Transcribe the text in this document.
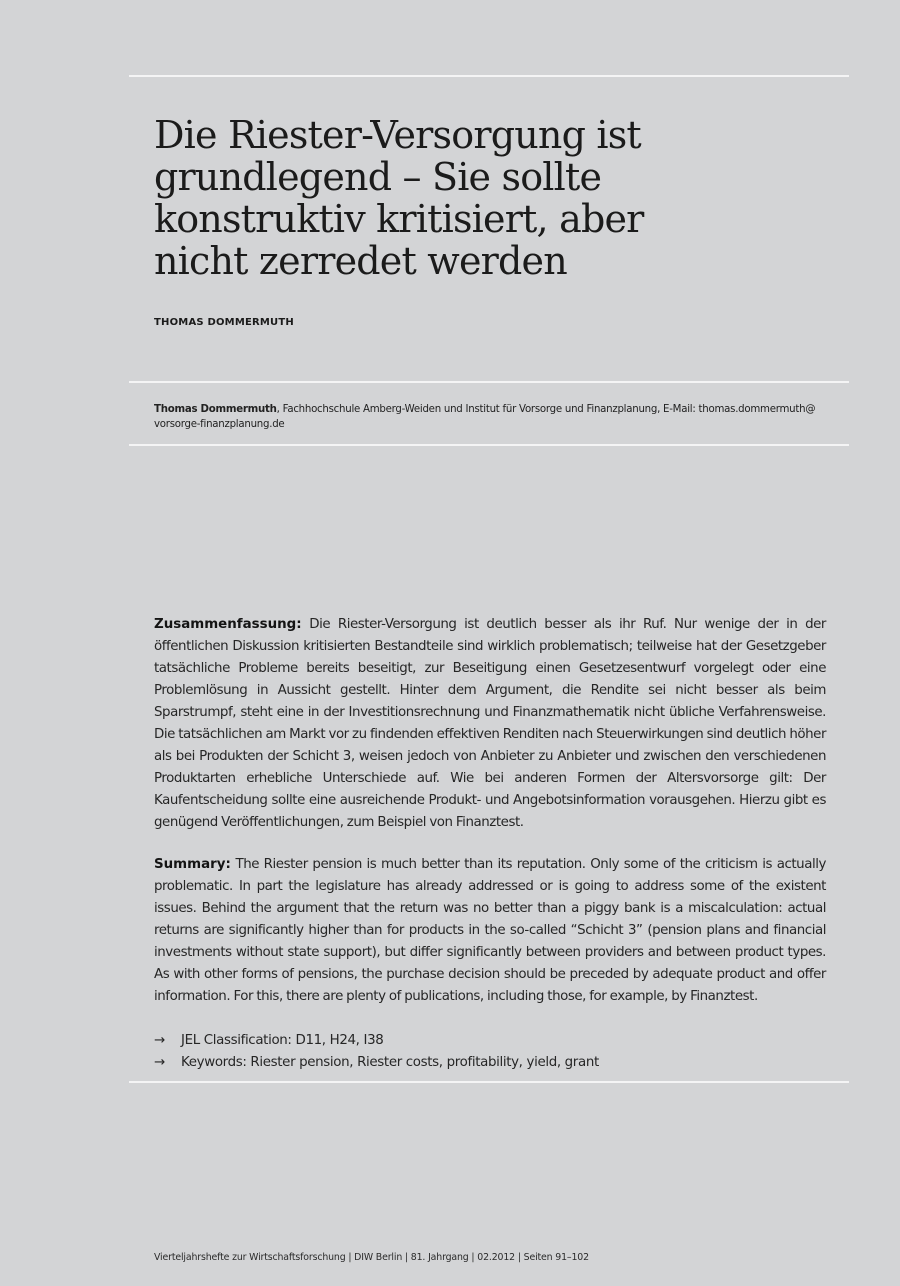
Die Riester-Versorgung ist
grundlegend – Sie sollte
konstruktiv kritisiert, aber
nicht zerredet werden
THOMAS DOMMERMUTH
Thomas Dommermuth, Fachhochschule Amberg-Weiden und Institut für Vorsorge und Finanzplanung, E-Mail: thomas.dommermuth@
vorsorge-finanzplanung.de

Zusammenfassung: Die Riester-Versorgung ist deutlich besser als ihr Ruf. Nur wenige der in der öffentlichen Diskussion kritisierten Bestandteile sind wirklich problematisch; teilweise hat der Gesetzgeber tatsächliche Probleme bereits beseitigt, zur Beseitigung einen Gesetzesentwurf vorgelegt oder eine Problemlösung in Aussicht gestellt. Hinter dem Argument, die Rendite sei nicht besser als beim Sparstrumpf, steht eine in der Investitionsrechnung und Finanzmathematik nicht übliche Verfahrensweise. Die tatsächlichen am Markt vor zu findenden effektiven Renditen nach Steuerwirkungen sind deutlich höher als bei Produkten der Schicht 3, weisen jedoch von Anbieter zu Anbieter und zwischen den verschiedenen Produktarten erhebliche Unterschiede auf. Wie bei anderen Formen der Altersvorsorge gilt: Der Kaufentscheidung sollte eine ausreichende Produkt- und Angebotsinformation vorausgehen. Hierzu gibt es genügend Veröffentlichungen, zum Beispiel von Finanztest.

Summary: The Riester pension is much better than its reputation. Only some of the criticism is actually problematic. In part the legislature has already addressed or is going to address some of the existent issues. Behind the argument that the return was no better than a piggy bank is a miscalculation: actual returns are significantly higher than for products in the so-called “Schicht 3” (pension plans and financial investments without state support), but differ significantly between providers and between product types. As with other forms of pensions, the purchase decision should be preceded by adequate product and offer information. For this, there are plenty of publications, including those, for example, by Finanztest.

→	JEL Classification: D11, H24, I38
→	Keywords: Riester pension, Riester costs, profitability, yield, grant
Vierteljahrshefte zur Wirtschaftsforschung | DIW Berlin | 81. Jahrgang | 02.2012 | Seiten 91–102
